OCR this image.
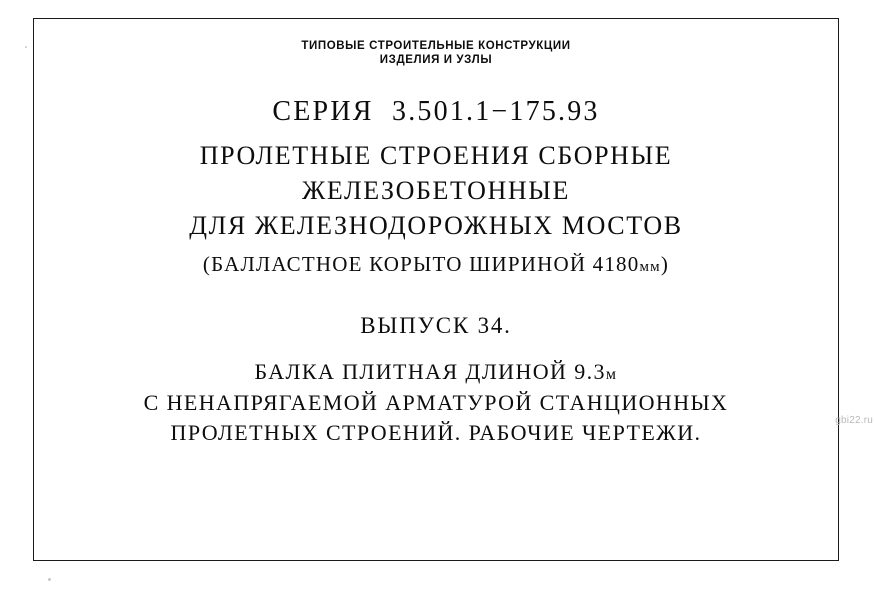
ТИПОВЫЕ СТРОИТЕЛЬНЫЕ КОНСТРУКЦИИ
ИЗДЕЛИЯ И УЗЛЫ
СЕРИЯ  3.501.1−175.93
ПРОЛЕТНЫЕ СТРОЕНИЯ СБОРНЫЕ
ЖЕЛЕЗОБЕТОННЫЕ
ДЛЯ ЖЕЛЕЗНОДОРОЖНЫХ МОСТОВ
(БАЛЛАСТНОЕ КОРЫТО ШИРИНОЙ 4180мм)
ВЫПУСК 34.
БАЛКА ПЛИТНАЯ ДЛИНОЙ 9.3м
С НЕНАПРЯГАЕМОЙ АРМАТУРОЙ СТАНЦИОННЫХ
ПРОЛЕТНЫХ СТРОЕНИЙ. РАБОЧИЕ ЧЕРТЕЖИ.	gbi22.ru
